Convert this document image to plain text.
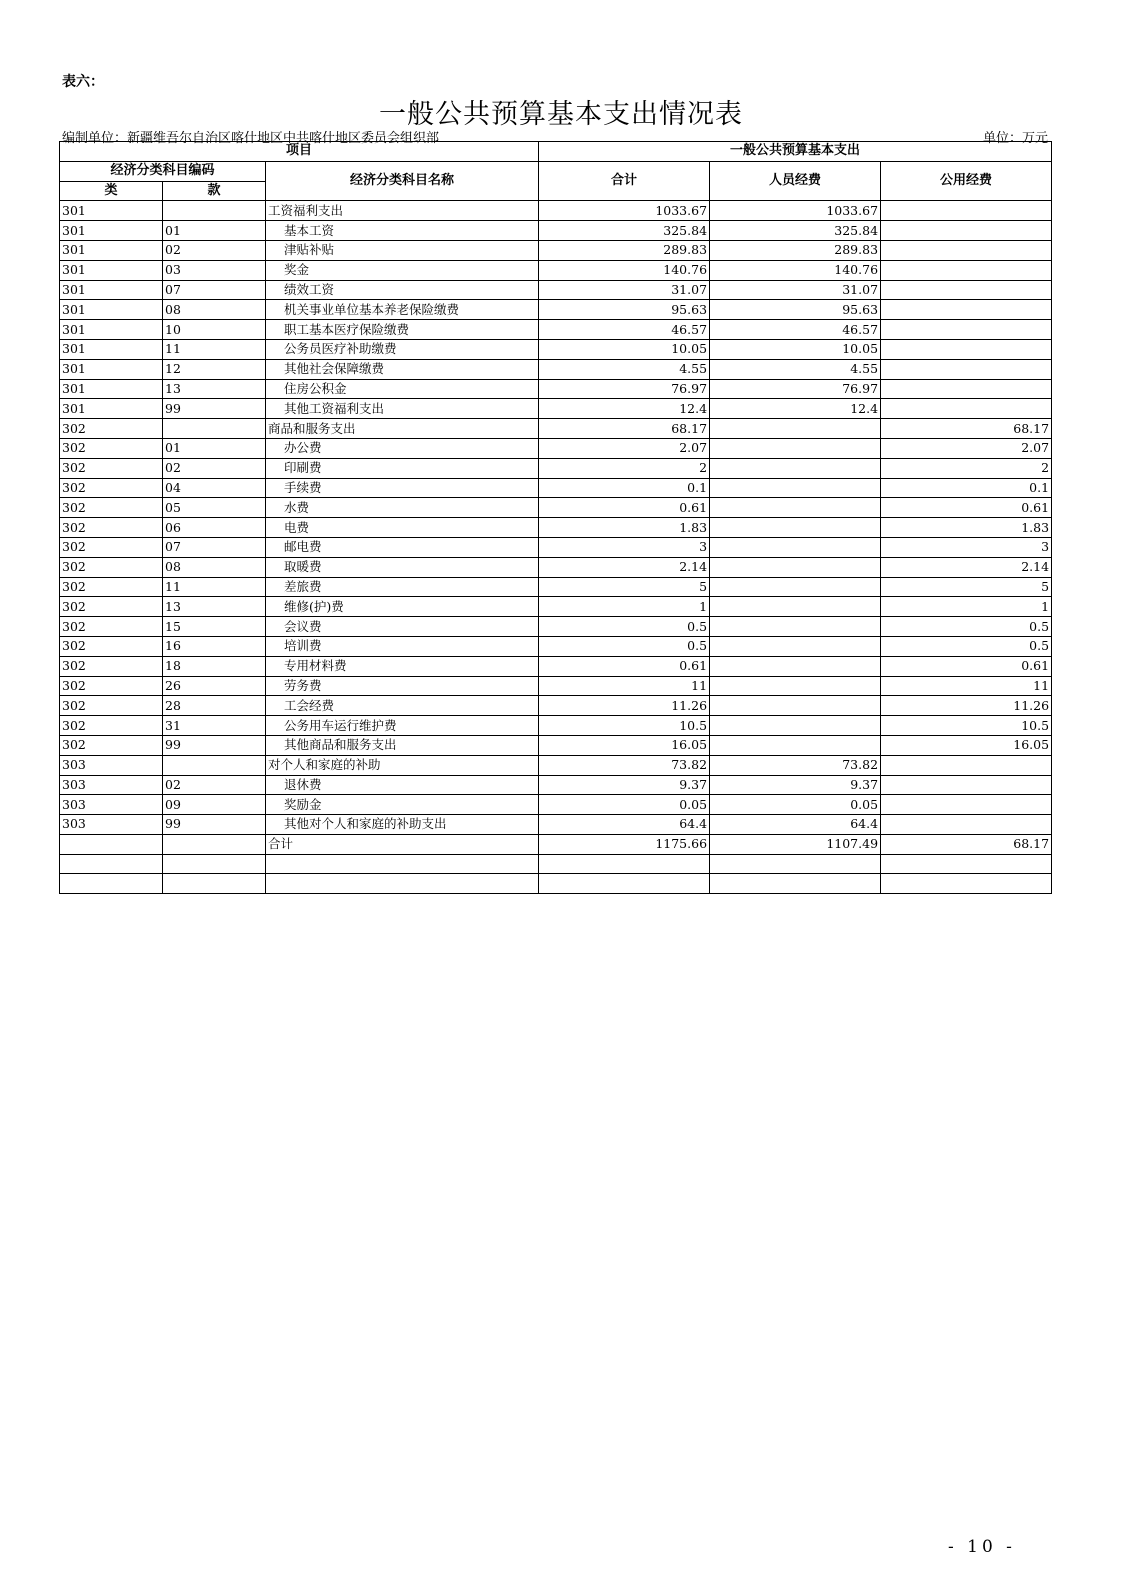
表六：
一般公共预算基本支出情况表
编制单位：新疆维吾尔自治区喀什地区中共喀什地区委员会组织部	单位：万元
项目			一般公共预算基本支出		
经济分类科目编码		经济分类科目名称	合计	人员经费	公用经费
类	款				
301		工资福利支出	1033.67	1033.67	
301	01	基本工资	325.84	325.84	
301	02	津贴补贴	289.83	289.83	
301	03	奖金	140.76	140.76	
301	07	绩效工资	31.07	31.07	
301	08	机关事业单位基本养老保险缴费	95.63	95.63	
301	10	职工基本医疗保险缴费	46.57	46.57	
301	11	公务员医疗补助缴费	10.05	10.05	
301	12	其他社会保障缴费	4.55	4.55	
301	13	住房公积金	76.97	76.97	
301	99	其他工资福利支出	12.4	12.4	
302		商品和服务支出	68.17		68.17
302	01	办公费	2.07		2.07
302	02	印刷费	2		2
302	04	手续费	0.1		0.1
302	05	水费	0.61		0.61
302	06	电费	1.83		1.83
302	07	邮电费	3		3
302	08	取暖费	2.14		2.14
302	11	差旅费	5		5
302	13	维修(护)费	1		1
302	15	会议费	0.5		0.5
302	16	培训费	0.5		0.5
302	18	专用材料费	0.61		0.61
302	26	劳务费	11		11
302	28	工会经费	11.26		11.26
302	31	公务用车运行维护费	10.5		10.5
302	99	其他商品和服务支出	16.05		16.05
303		对个人和家庭的补助	73.82	73.82	
303	02	退休费	9.37	9.37	
303	09	奖励金	0.05	0.05	
303	99	其他对个人和家庭的补助支出	64.4	64.4	
		合计	1175.66	1107.49	68.17

- 10 -
